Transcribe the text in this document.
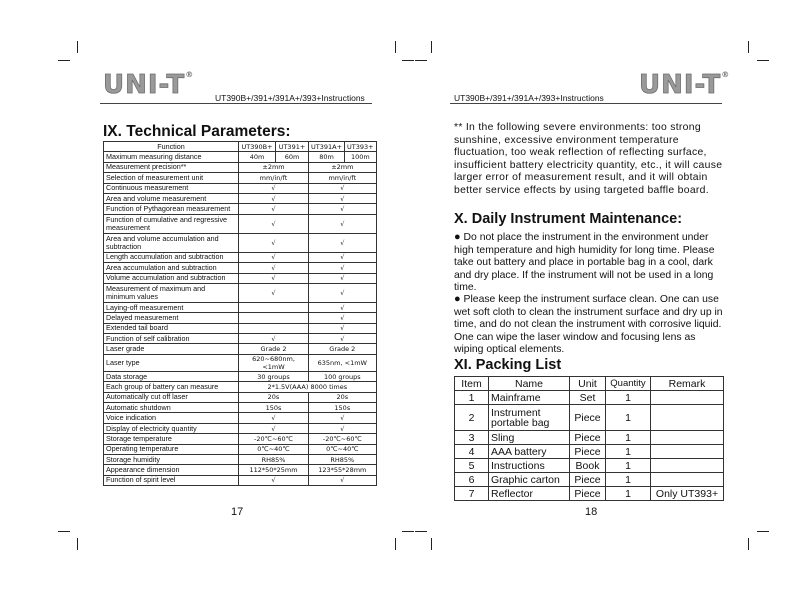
UNI-T®
UT390B+/391+/391A+/393+Instructions
IX. Technical Parameters:
Function	UT390B+	UT391+	UT391A+	UT393+
Maximum measuring distance	40m	60m	80m	100m
Measurement precision**	±2mm		±2mm	
Selection of measurement unit	mm/in/ft		mm/in/ft	
Continuous measurement	√		√	
Area and volume measurement	√		√	
Function of Pythagorean measurement	√		√	
Function of cumulative and regressive measurement	√		√	
Area and volume accumulation and subtraction	√		√	
Length accumulation and subtraction	√		√	
Area accumulation and subtraction	√		√	
Volume accumulation and subtraction	√		√	
Measurement of maximum and minimum values	√		√	
Laying-off measurement			√	
Delayed measurement			√	
Extended tail board			√	
Function of self calibration	√		√	
Laser grade	Grade 2		Grade 2	
Laser type	620~680nm, <1mW		635nm, <1mW	
Data storage	30 groups		100 groups	
Each group of battery can measure	2*1.5V(AAA) 8000 times			
Automatically cut off laser	20s		20s	
Automatic shutdown	150s		150s	
Voice indication	√		√	
Display of electricity quantity	√		√	
Storage temperature	-20℃~60℃		-20℃~60℃	
Operating temperature	0℃~40℃		0℃~40℃	
Storage humidity	RH85%		RH85%	
Appearance dimension	112*50*25mm		123*55*28mm	
Function of spirit level	√		√	
17
UNI-T®
UT390B+/391+/391A+/393+Instructions
** In the following severe environments: too strong sunshine, excessive environment temperature fluctuation, too weak reflection of reflecting surface, insufficient battery electricity quantity, etc., it will cause larger error of measurement result, and it will obtain better service effects by using targeted baffle board.
X. Daily Instrument Maintenance:
● Do not place the instrument in the environment under high temperature and high humidity for long time. Please take out battery and place in portable bag in a cool, dark and dry place. If the instrument will not be used in a long time.
● Please keep the instrument surface clean. One can use wet soft cloth to clean the instrument surface and dry up in time, and do not clean the instrument with corrosive liquid. One can wipe the laser window and focusing lens as wiping optical elements.
XI. Packing List
Item	Name	Unit	Quantity	Remark
1	Mainframe	Set	1	
2	Instrument portable bag	Piece	1	
3	Sling	Piece	1	
4	AAA battery	Piece	1	
5	Instructions	Book	1	
6	Graphic carton	Piece	1	
7	Reflector	Piece	1	Only UT393+
18
